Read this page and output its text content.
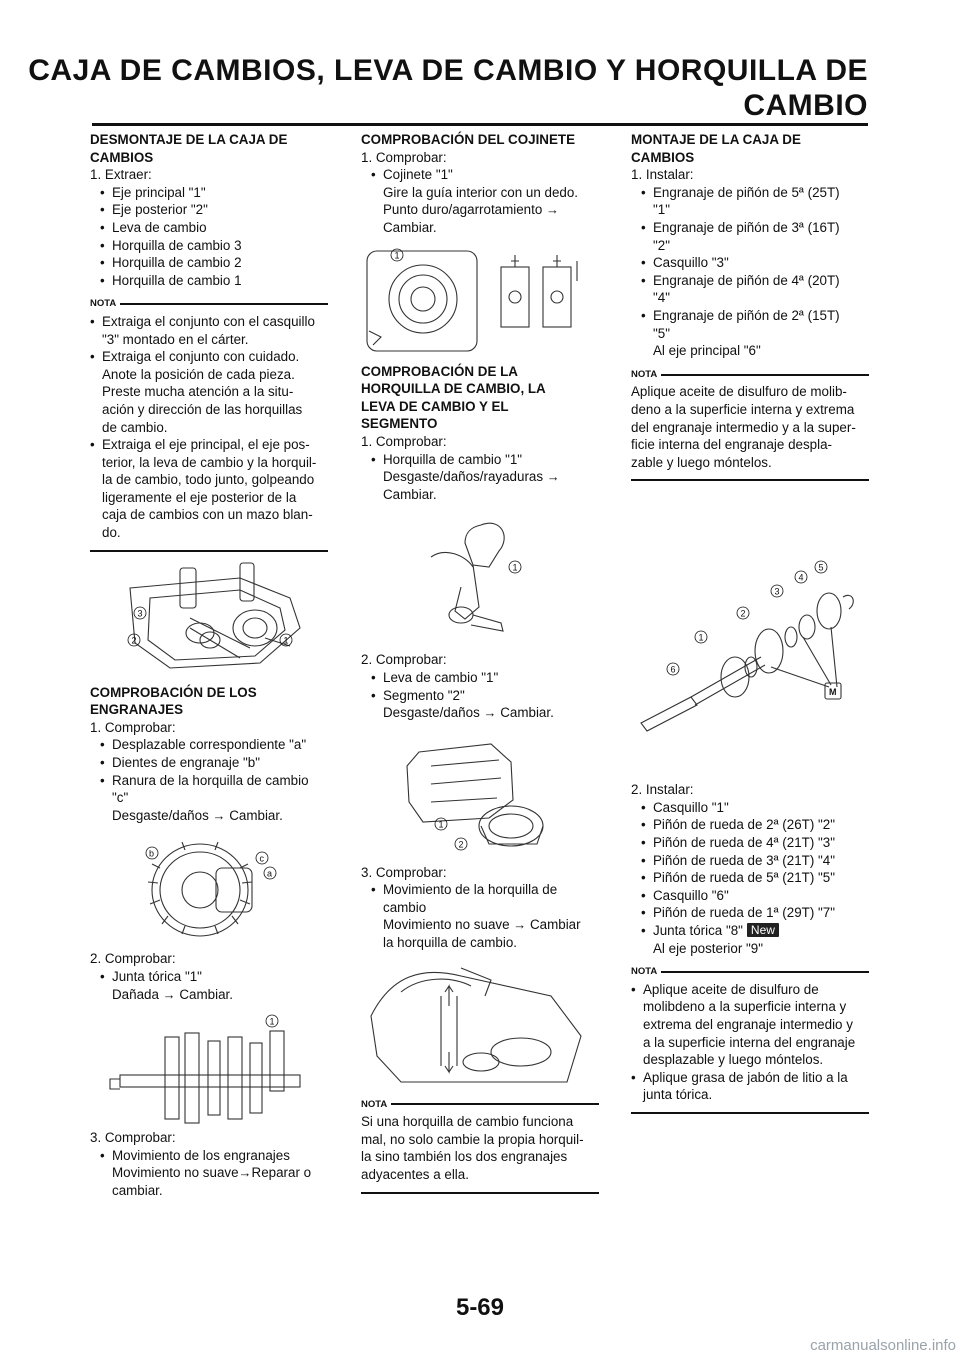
CAJA DE CAMBIOS, LEVA DE CAMBIO Y HORQUILLA DE
CAMBIO

DESMONTAJE DE LA CAJA DE

CAMBIOS

1. Extraer:

• Eje principal "1"

• Eje posterior "2"

• Leva de cambio

• Horquilla de cambio 3

• Horquilla de cambio 2

• Horquilla de cambio 1

NOTA

• Extraiga el conjunto con el casquillo
"3" montado en el cárter.

• Extraiga el conjunto con cuidado.
Anote la posición de cada pieza.
Preste mucha atención a la situ-
ación y dirección de las horquillas
de cambio.

• Extraiga el eje principal, el eje pos-
terior, la leva de cambio y la horquil-
la de cambio, todo junto, golpeando
ligeramente el eje posterior de la
caja de cambios con un mazo blan-
do.

3
2	1

COMPROBACIÓN DE LOS

ENGRANAJES

1. Comprobar:

• Desplazable correspondiente "a"

• Dientes de engranaje "b"

• Ranura de la horquilla de cambio
"c"

Desgaste/daños → Cambiar.

b	c
a

2. Comprobar:

• Junta tórica "1"

Dañada → Cambiar.

1

3. Comprobar:

• Movimiento de los engranajes

Movimiento no suave→Reparar o

cambiar.

COMPROBACIÓN DEL COJINETE

1. Comprobar:

• Cojinete "1"

Gire la guía interior con un dedo.

Punto duro/agarrotamiento →

Cambiar.

1

COMPROBACIÓN DE LA

HORQUILLA DE CAMBIO, LA

LEVA DE CAMBIO Y EL

SEGMENTO

1. Comprobar:

• Horquilla de cambio "1"

Desgaste/daños/rayaduras →

Cambiar.

1

2. Comprobar:

• Leva de cambio "1"

• Segmento "2"

Desgaste/daños → Cambiar.

1
2

3. Comprobar:

• Movimiento de la horquilla de
cambio

Movimiento no suave → Cambiar

la horquilla de cambio.

NOTA

Si una horquilla de cambio funciona
mal, no solo cambie la propia horquil-
la sino también los dos engranajes
adyacentes a ella.

MONTAJE DE LA CAJA DE

CAMBIOS

1. Instalar:

• Engranaje de piñón de 5ª (25T)
"1"

• Engranaje de piñón de 3ª (16T)
"2"

• Casquillo "3"

• Engranaje de piñón de 4ª (20T)
"4"

• Engranaje de piñón de 2ª (15T)
"5"
Al eje principal "6"

NOTA

Aplique aceite de disulfuro de molib-
deno a la superficie interna y extrema
del engranaje intermedio y a la super-
ficie interna del engranaje despla-
zable y luego móntelos.

1
2
3
4
5
6
M

2. Instalar:

• Casquillo "1"

• Piñón de rueda de 2ª (26T) "2"

• Piñón de rueda de 4ª (21T) "3"

• Piñón de rueda de 3ª (21T) "4"

• Piñón de rueda de 5ª (21T) "5"

• Casquillo "6"

• Piñón de rueda de 1ª (29T) "7"

• Junta tórica "8" New

Al eje posterior "9"

NOTA

• Aplique aceite de disulfuro de
molibdeno a la superficie interna y
extrema del engranaje intermedio y
a la superficie interna del engranaje
desplazable y luego móntelos.

• Aplique grasa de jabón de litio a la
junta tórica.

5-69
carmanualsonline.info
